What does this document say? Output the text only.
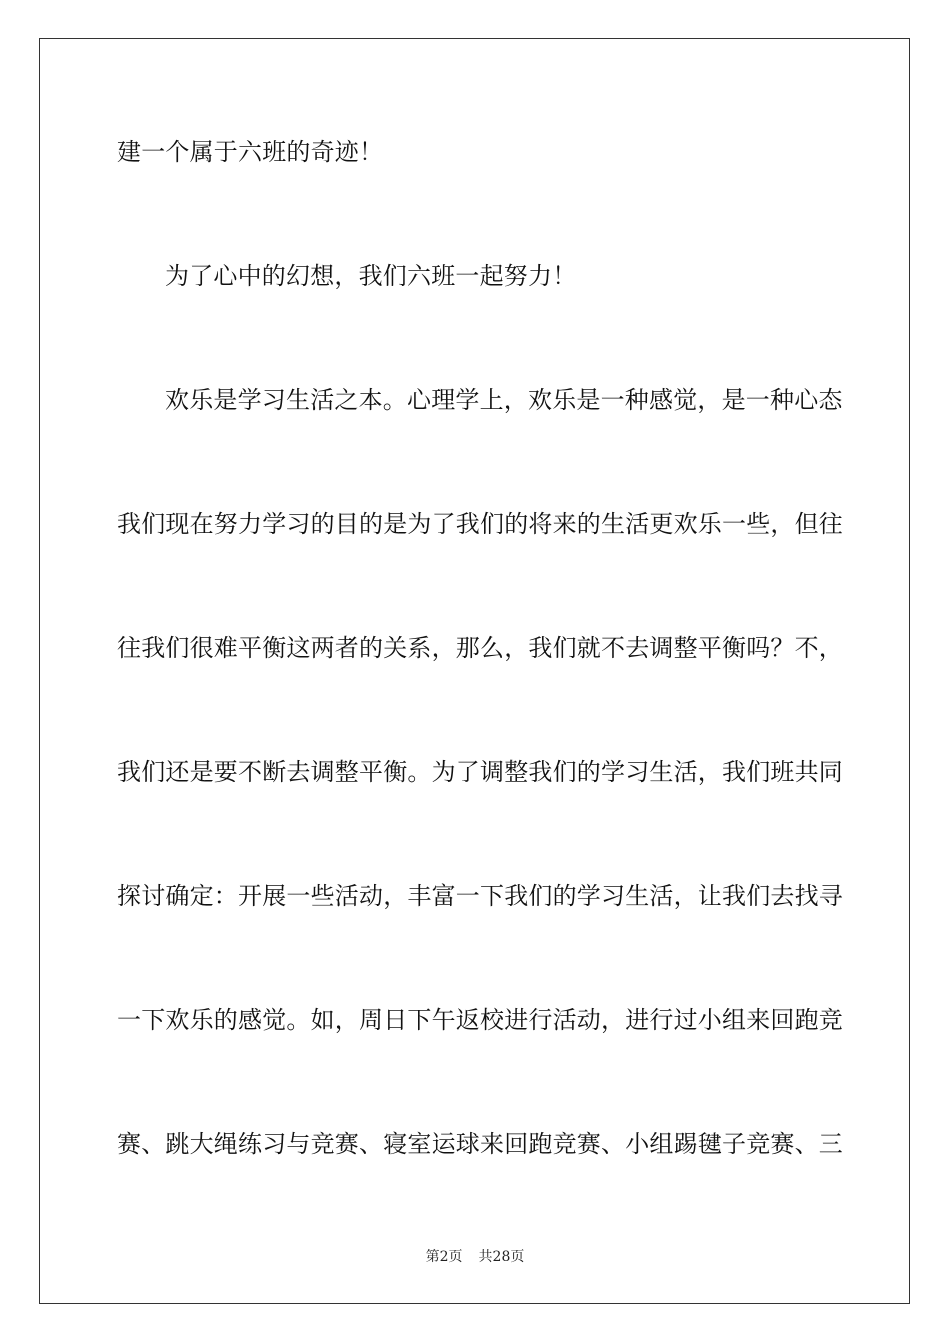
建一个属于六班的奇迹！
为了心中的幻想，我们六班一起努力！
欢乐是学习生活之本。心理学上，欢乐是一种感觉，是一种心态
我们现在努力学习的目的是为了我们的将来的生活更欢乐一些，但往
往我们很难平衡这两者的关系，那么，我们就不去调整平衡吗？不，
我们还是要不断去调整平衡。为了调整我们的学习生活，我们班共同
探讨确定：开展一些活动，丰富一下我们的学习生活，让我们去找寻
一下欢乐的感觉。如，周日下午返校进行活动，进行过小组来回跑竞
赛、跳大绳练习与竞赛、寝室运球来回跑竞赛、小组踢毽子竞赛、三
第2页 共28页
